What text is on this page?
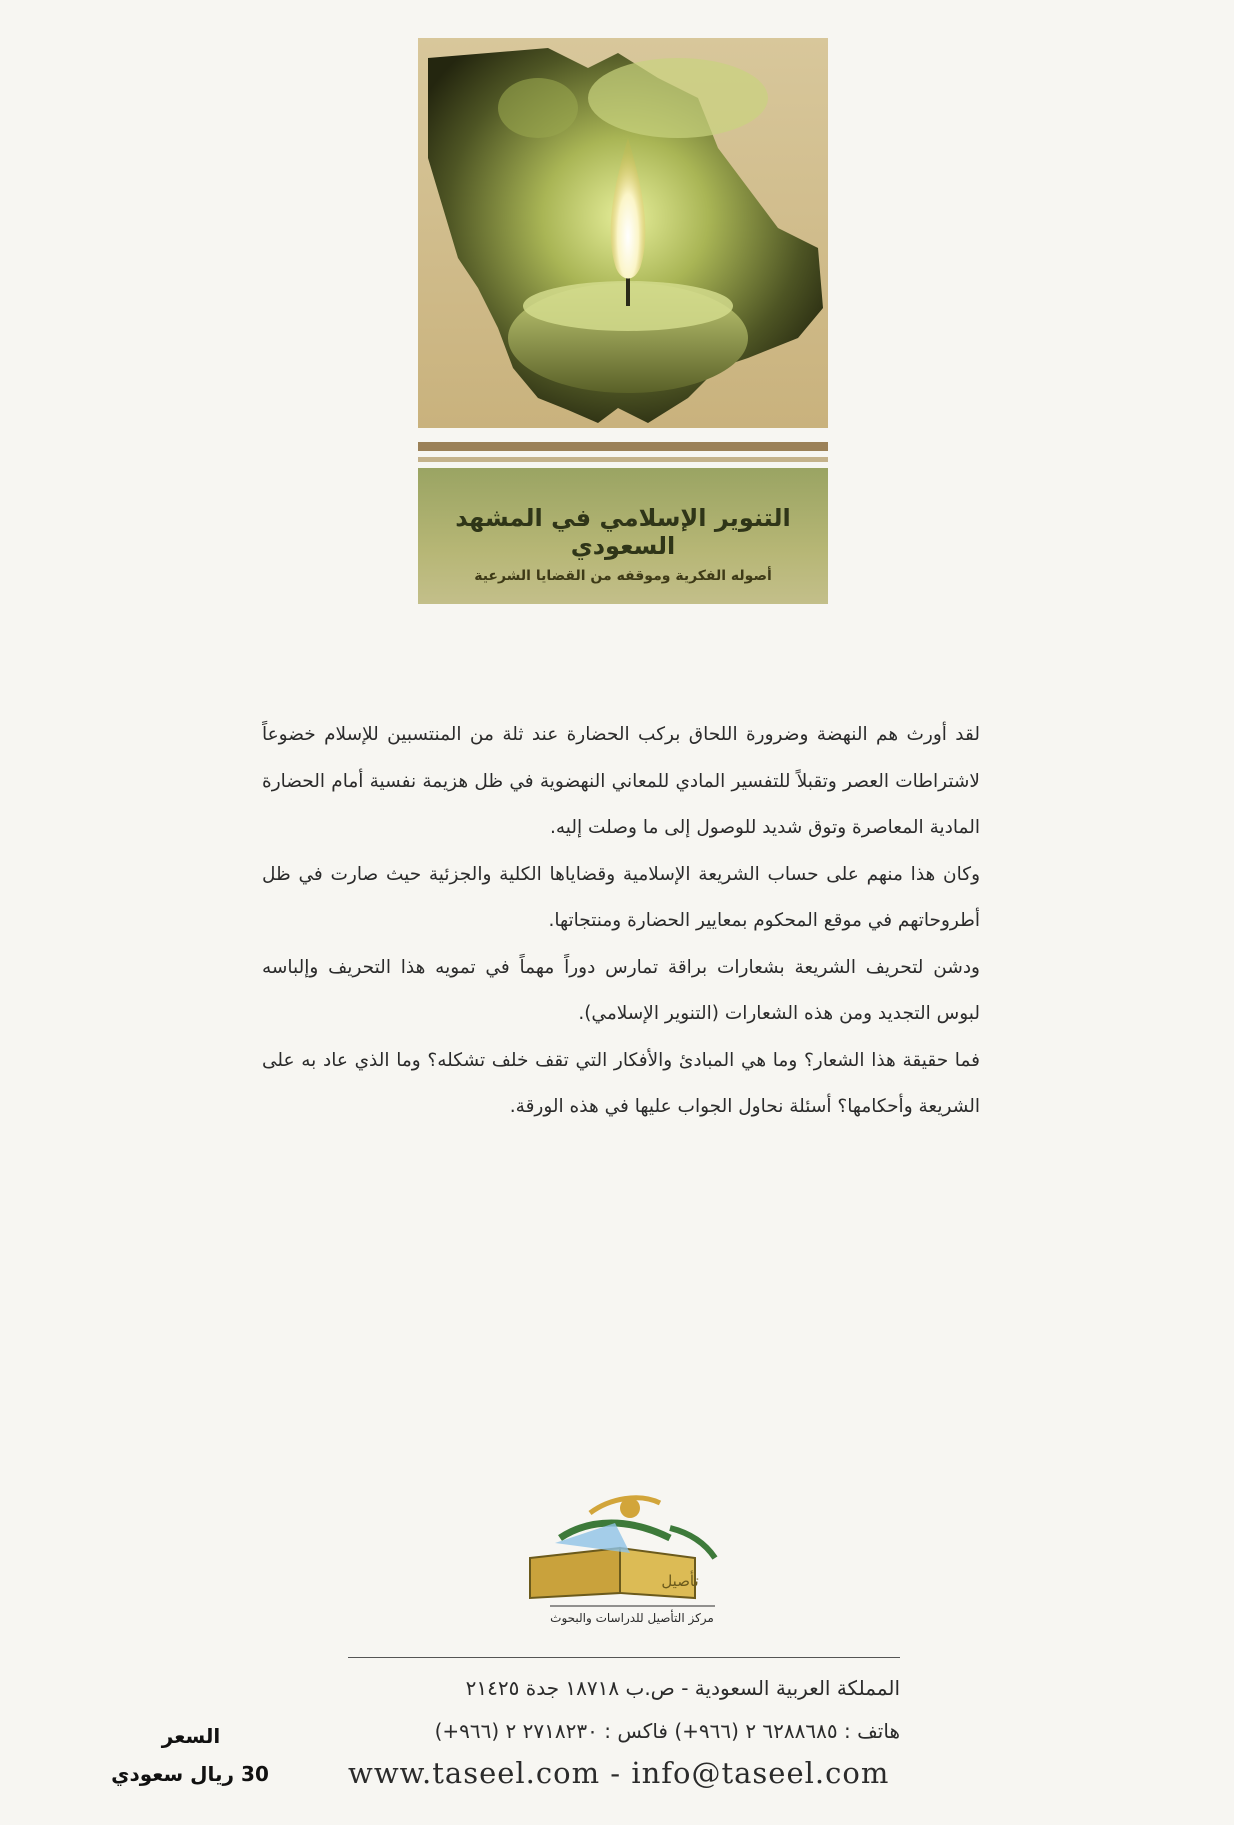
التنوير الإسلامي في المشهد السعودي
أصوله الفكرية وموقفه من القضايا الشرعية

لقد أورث هم النهضة وضرورة اللحاق بركب الحضارة عند ثلة من المنتسبين للإسلام خضوعاً لاشتراطات العصر وتقبلاً للتفسير المادي للمعاني النهضوية في ظل هزيمة نفسية أمام الحضارة المادية المعاصرة وتوق شديد للوصول إلى ما وصلت إليه.

وكان هذا منهم على حساب الشريعة الإسلامية وقضاياها الكلية والجزئية حيث صارت في ظل أطروحاتهم في موقع المحكوم بمعايير الحضارة ومنتجاتها.

ودشن لتحريف الشريعة بشعارات براقة تمارس دوراً مهماً في تمويه هذا التحريف وإلباسه لبوس التجديد ومن هذه الشعارات (التنوير الإسلامي).

فما حقيقة هذا الشعار؟ وما هي المبادئ والأفكار التي تقف خلف تشكله؟ وما الذي عاد به على الشريعة وأحكامها؟ أسئلة نحاول الجواب عليها في هذه الورقة.

تأصيل
مركز التأصيل للدراسات والبحوث
المملكة العربية السعودية - ص.ب ١٨٧١٨ جدة ٢١٤٢٥
هاتف : ٦٢٨٨٦٨٥ ٢ (٩٦٦+) فاكس : ٢٧١٨٢٣٠ ٢ (٩٦٦+)
www.taseel.com - info@taseel.com
السعر
30 ريال سعودي
